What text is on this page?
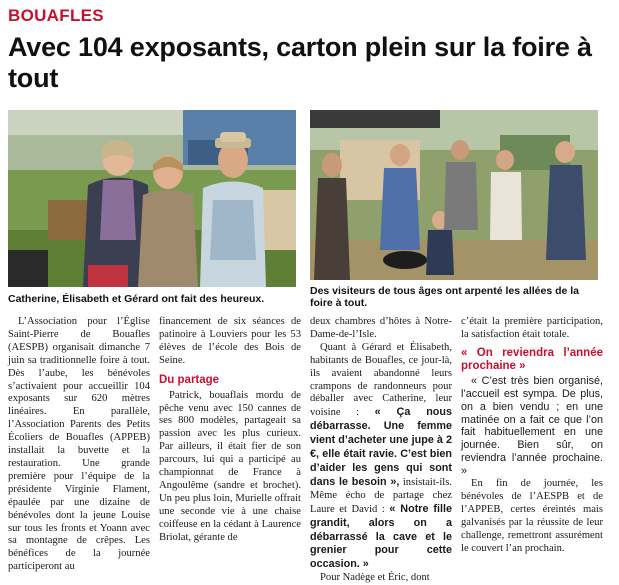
BOUAFLES
Avec 104 exposants, carton plein sur la foire à tout
Catherine, Élisabeth et Gérard ont fait des heureux.
Des visiteurs de tous âges ont arpenté les allées de la foire à tout.

L’Association pour l’Église Saint-Pierre de Bouafles (AESPB) organisait dimanche 7 juin sa traditionnelle foire à tout. Dès l’aube, les bénévoles s’activaient pour accueillir 104 exposants sur 620 mètres linéaires. En parallèle, l’Association Parents des Petits Écoliers de Bouafles (APPEB) installait la buvette et la restauration. Une grande première pour l’équipe de la présidente Virginie Flament, épaulée par une dizaine de bénévoles dont la jeune Louise sur tous les fronts et Yoann avec sa montagne de crêpes. Les bénéfices de la journée participeront au

financement de six séances de patinoire à Louviers pour les 53 élèves de l’école des Bois de Seine.

Du partage

Patrick, bouaflais mordu de pêche venu avec 150 cannes de ses 800 modèles, partageait sa passion avec les plus curieux. Par ailleurs, il était fier de son parcours, lui qui a participé au championnat de France à Angoulême (sandre et brochet). Un peu plus loin, Murielle offrait une seconde vie à une chaise coiffeuse en la cédant à Laurence Briolat, gérante de

deux chambres d’hôtes à Notre-Dame-de-l’Isle.

Quant à Gérard et Élisabeth, habitants de Bouafles, ce jour-là, ils avaient abandonné leurs crampons de randonneurs pour déballer avec Catherine, leur voisine : « Ça nous débarrasse. Une femme vient d’acheter une jupe à 2 €, elle était ravie. C’est bien d’aider les gens qui sont dans le besoin », insistait-ils. Même écho de partage chez Laure et David : « Notre fille grandit, alors on a débarrassé la cave et le grenier pour cette occasion. »

Pour Nadège et Éric, dont

c’était la première participation, la satisfaction était totale.

« On reviendra l’année prochaine »

« C’est très bien organisé, l’accueil est sympa. De plus, on a bien vendu ; en une matinée on a fait ce que l’on fait habituellement en une journée. Bien sûr, on reviendra l’année prochaine. »

En fin de journée, les bénévoles de l’AESPB et de l’APPEB, certes éreintés mais galvanisés par la réussite de leur challenge, remettront assurément le couvert l’an prochain.
